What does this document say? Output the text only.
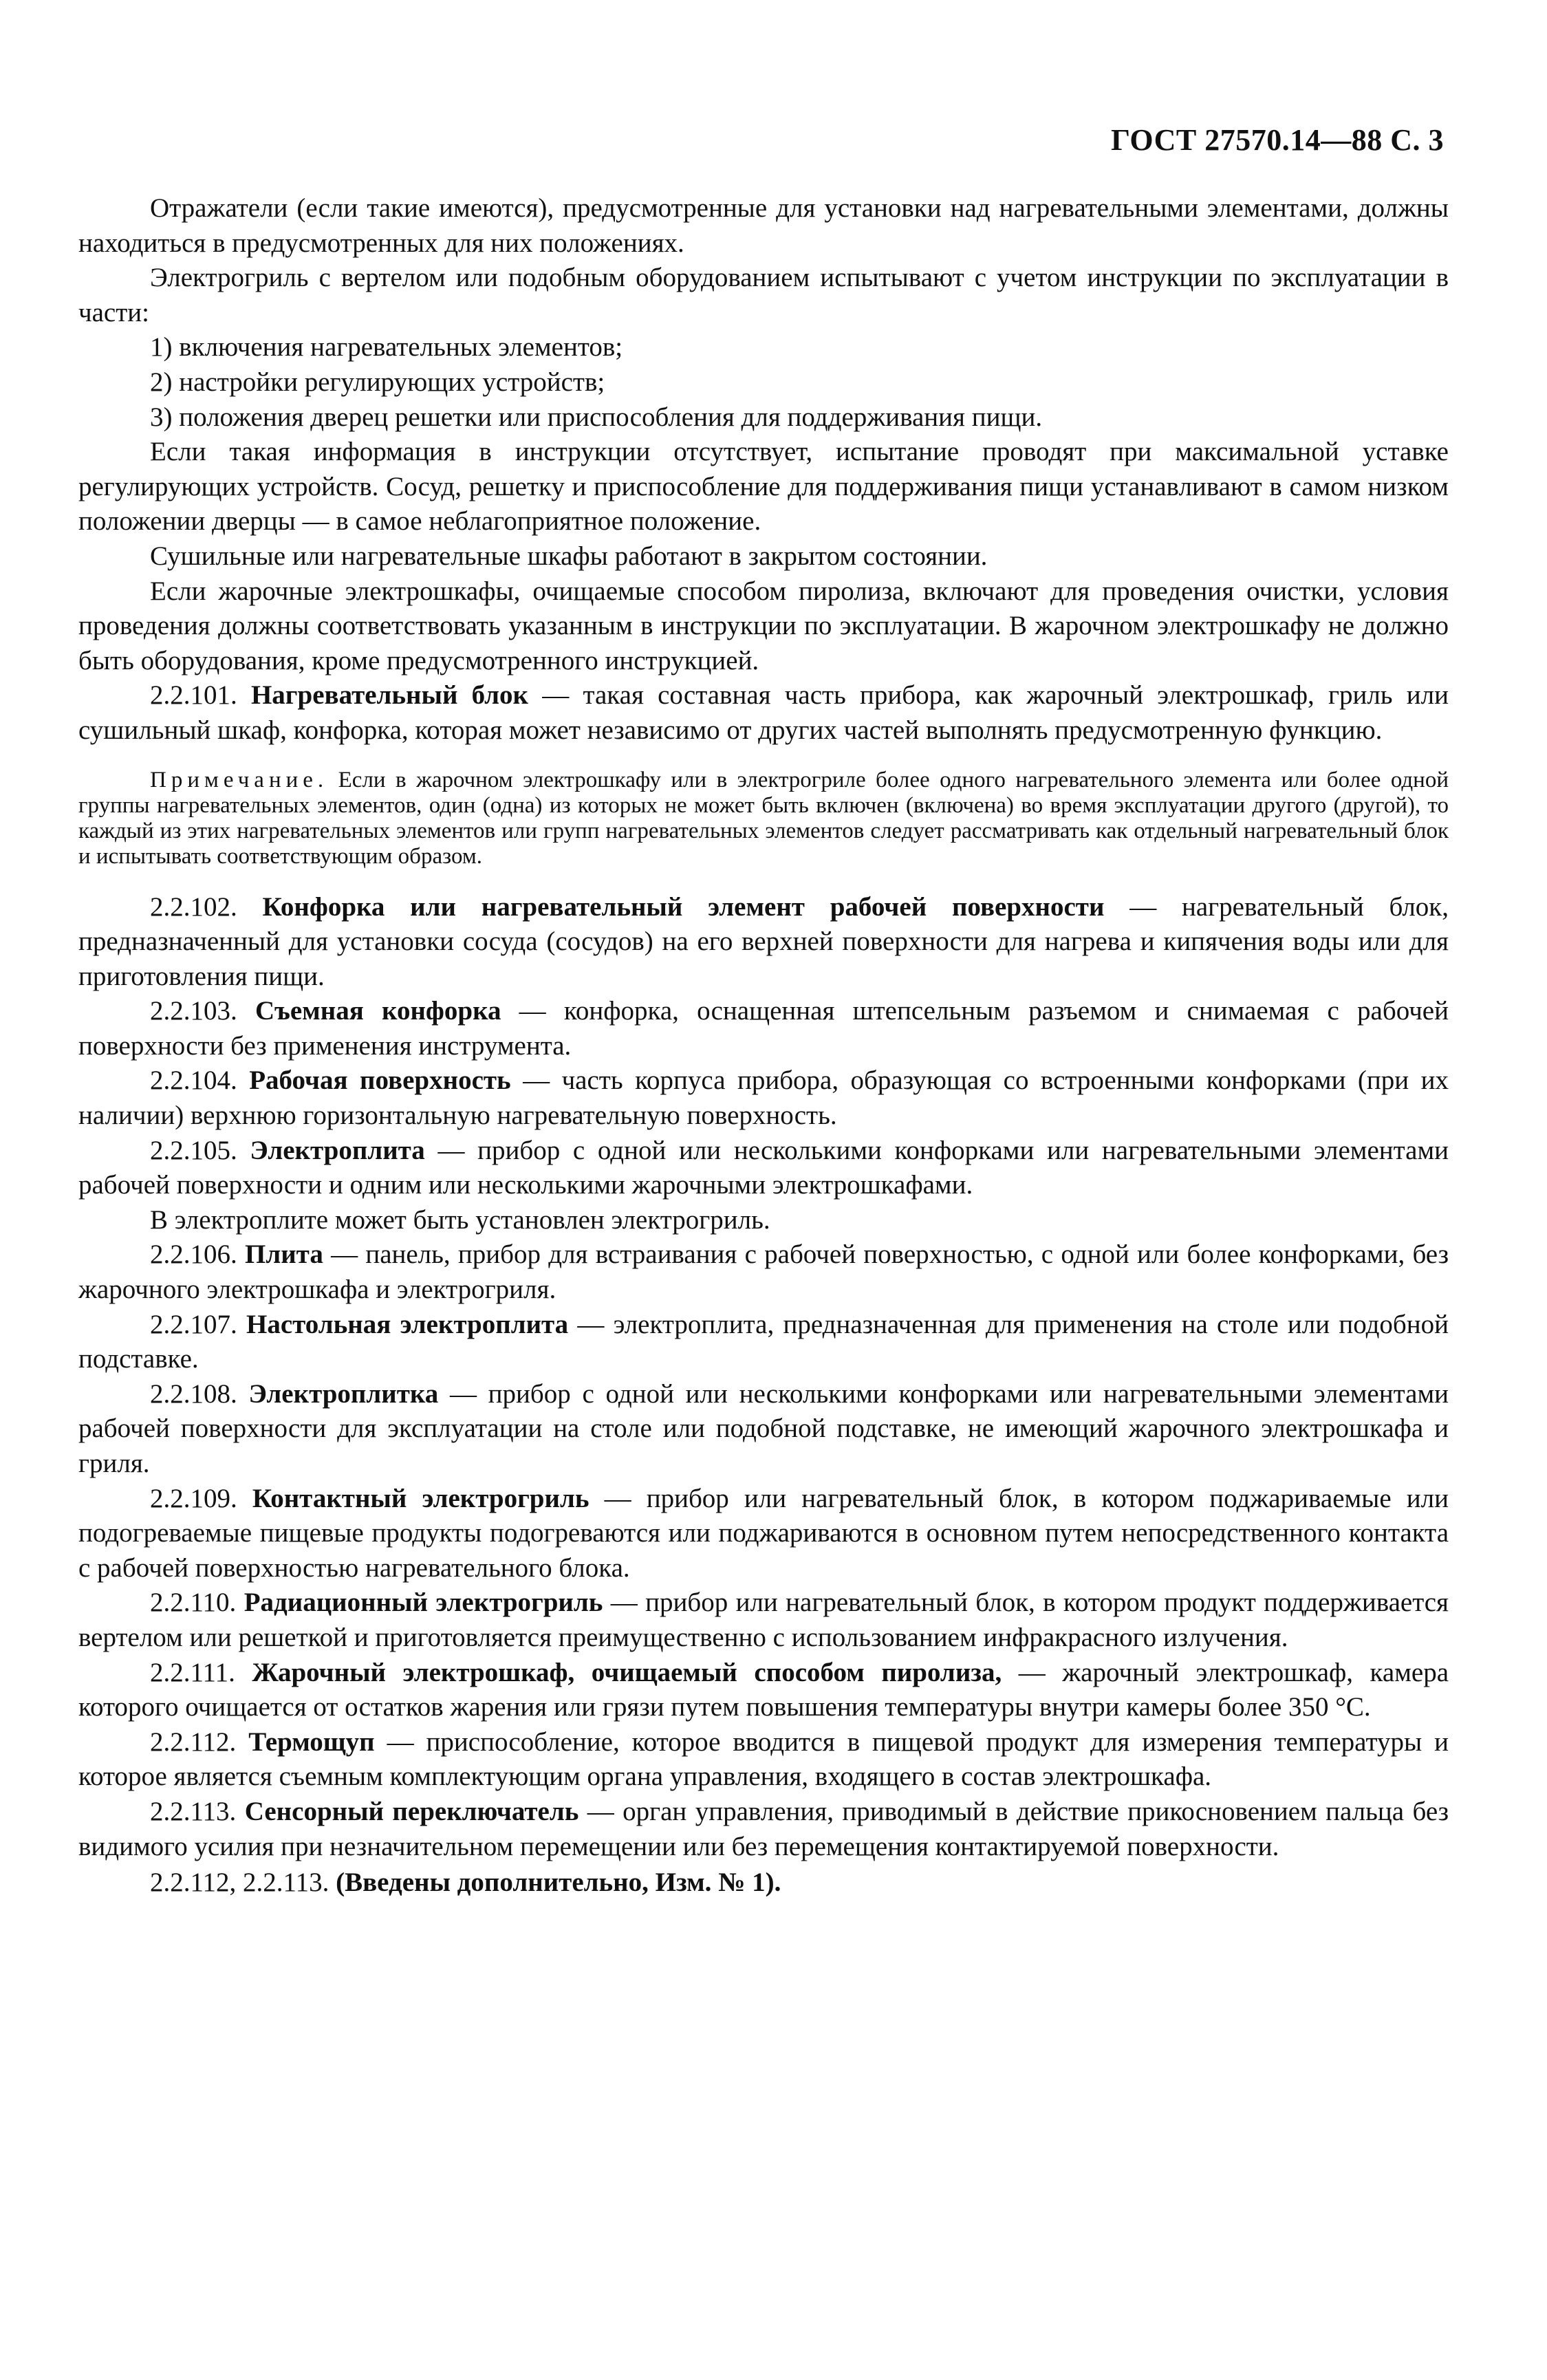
ГОСТ 27570.14—88 С. 3

Отражатели (если такие имеются), предусмотренные для установки над нагревательными элементами, должны находиться в предусмотренных для них положениях.

Электрогриль с вертелом или подобным оборудованием испытывают с учетом инструкции по эксплуатации в части:

1) включения нагревательных элементов;

2) настройки регулирующих устройств;

3) положения дверец решетки или приспособления для поддерживания пищи.

Если такая информация в инструкции отсутствует, испытание проводят при максимальной уставке регулирующих устройств. Сосуд, решетку и приспособление для поддерживания пищи устанавливают в самом низком положении дверцы — в самое неблагоприятное положение.

Сушильные или нагревательные шкафы работают в закрытом состоянии.

Если жарочные электрошкафы, очищаемые способом пиролиза, включают для проведения очистки, условия проведения должны соответствовать указанным в инструкции по эксплуатации. В жарочном электрошкафу не должно быть оборудования, кроме предусмотренного инструкцией.

2.2.101. Нагревательный блок — такая составная часть прибора, как жарочный электрошкаф, гриль или сушильный шкаф, конфорка, которая может независимо от других частей выполнять предусмотренную функцию.

Примечание. Если в жарочном электрошкафу или в электрогриле более одного нагревательного элемента или более одной группы нагревательных элементов, один (одна) из которых не может быть включен (включена) во время эксплуатации другого (другой), то каждый из этих нагревательных элементов или групп нагревательных элементов следует рассматривать как отдельный нагревательный блок и испытывать соответствующим образом.

2.2.102. Конфорка или нагревательный элемент рабочей поверхности — нагревательный блок, предназначенный для установки сосуда (сосудов) на его верхней поверхности для нагрева и кипячения воды или для приготовления пищи.

2.2.103. Съемная конфорка — конфорка, оснащенная штепсельным разъемом и снимаемая с рабочей поверхности без применения инструмента.

2.2.104. Рабочая поверхность — часть корпуса прибора, образующая со встроенными конфорками (при их наличии) верхнюю горизонтальную нагревательную поверхность.

2.2.105. Электроплита — прибор с одной или несколькими конфорками или нагревательными элементами рабочей поверхности и одним или несколькими жарочными электрошкафами.

В электроплите может быть установлен электрогриль.

2.2.106. Плита — панель, прибор для встраивания с рабочей поверхностью, с одной или более конфорками, без жарочного электрошкафа и электрогриля.

2.2.107. Настольная электроплита — электроплита, предназначенная для применения на столе или подобной подставке.

2.2.108. Электроплитка — прибор с одной или несколькими конфорками или нагревательными элементами рабочей поверхности для эксплуатации на столе или подобной подставке, не имеющий жарочного электрошкафа и гриля.

2.2.109. Контактный электрогриль — прибор или нагревательный блок, в котором поджариваемые или подогреваемые пищевые продукты подогреваются или поджариваются в основном путем непосредственного контакта с рабочей поверхностью нагревательного блока.

2.2.110. Радиационный электрогриль — прибор или нагревательный блок, в котором продукт поддерживается вертелом или решеткой и приготовляется преимущественно с использованием инфракрасного излучения.

2.2.111. Жарочный электрошкаф, очищаемый способом пиролиза, — жарочный электрошкаф, камера которого очищается от остатков жарения или грязи путем повышения температуры внутри камеры более 350 °С.

2.2.112. Термощуп — приспособление, которое вводится в пищевой продукт для измерения температуры и которое является съемным комплектующим органа управления, входящего в состав электрошкафа.

2.2.113. Сенсорный переключатель — орган управления, приводимый в действие прикосновением пальца без видимого усилия при незначительном перемещении или без перемещения контактируемой поверхности.

2.2.112, 2.2.113. (Введены дополнительно, Изм. № 1).
